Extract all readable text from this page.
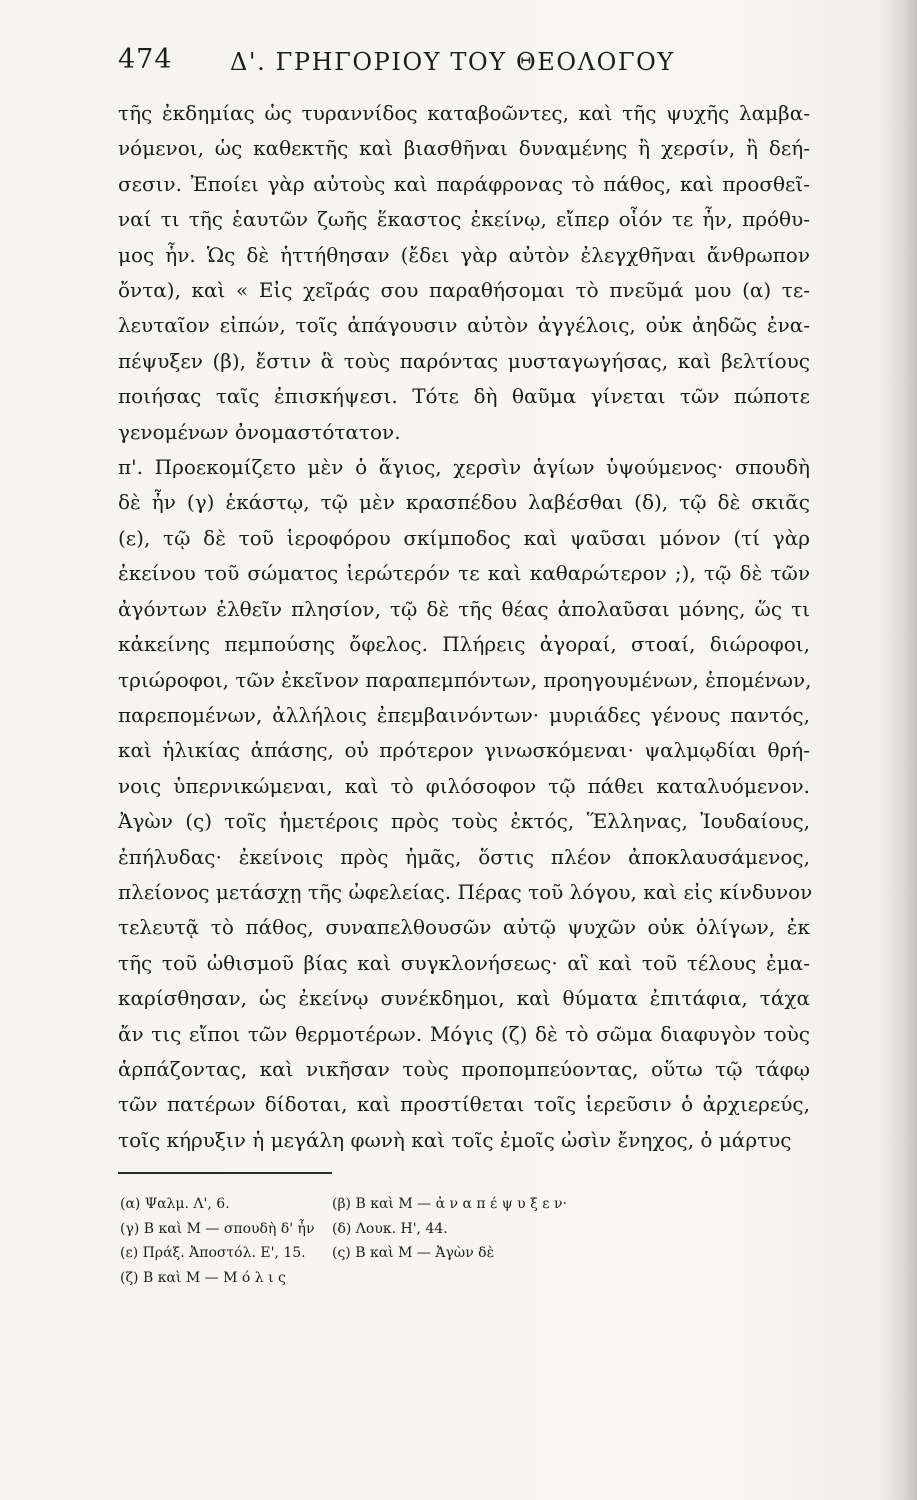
474 Δ'. ΓΡΗΓΟΡΙΟΥ ΤΟΥ ΘΕΟΛΟΓΟΥ
τῆς ἐκδημίας ὡς τυραννίδος καταβοῶντες, καὶ τῆς ψυχῆς λαμβα-
νόμενοι, ὡς καθεκτῆς καὶ βιασθῆναι δυναμένης ἢ χερσίν, ἢ δεή-
σεσιν. Ἐποίει γὰρ αὐτοὺς καὶ παράφρονας τὸ πάθος, καὶ προσθεῖ-
ναί τι τῆς ἑαυτῶν ζωῆς ἕκαστος ἐκείνῳ, εἴπερ οἷόν τε ἦν, πρόθυ-
μος ἦν. Ὡς δὲ ἡττήθησαν (ἔδει γὰρ αὐτὸν ἐλεγχθῆναι ἄνθρωπον
ὄντα), καὶ « Εἰς χεῖράς σου παραθήσομαι τὸ πνεῦμά μου (α) τε-
λευταῖον εἰπών, τοῖς ἀπάγουσιν αὐτὸν ἀγγέλοις, οὐκ ἀηδῶς ἐνα-
πέψυξεν (β), ἔστιν ἃ τοὺς παρόντας μυσταγωγήσας, καὶ βελτίους
ποιήσας ταῖς ἐπισκήψεσι. Τότε δὴ θαῦμα γίνεται τῶν πώποτε
γενομένων ὀνομαστότατον.
π'. Προεκομίζετο μὲν ὁ ἅγιος, χερσὶν ἁγίων ὑψούμενος· σπουδὴ
δὲ ἦν (γ) ἑκάστῳ, τῷ μὲν κρασπέδου λαβέσθαι (δ), τῷ δὲ σκιᾶς
(ε), τῷ δὲ τοῦ ἱεροφόρου σκίμποδος καὶ ψαῦσαι μόνον (τί γὰρ
ἐκείνου τοῦ σώματος ἱερώτερόν τε καὶ καθαρώτερον ;), τῷ δὲ τῶν
ἀγόντων ἐλθεῖν πλησίον, τῷ δὲ τῆς θέας ἀπολαῦσαι μόνης, ὥς τι
κἀκείνης πεμπούσης ὄφελος. Πλήρεις ἀγοραί, στοαί, διώροφοι,
τριώροφοι, τῶν ἐκεῖνον παραπεμπόντων, προηγουμένων, ἑπομένων,
παρεπομένων, ἀλλήλοις ἐπεμβαινόντων· μυριάδες γένους παντός,
καὶ ἡλικίας ἁπάσης, οὐ πρότερον γινωσκόμεναι· ψαλμῳδίαι θρή-
νοις ὑπερνικώμεναι, καὶ τὸ φιλόσοφον τῷ πάθει καταλυόμενον.
Ἀγὼν (ς) τοῖς ἡμετέροις πρὸς τοὺς ἐκτός, Ἕλληνας, Ἰουδαίους,
ἐπήλυδας· ἐκείνοις πρὸς ἡμᾶς, ὅστις πλέον ἀποκλαυσάμενος,
πλείονος μετάσχῃ τῆς ὠφελείας. Πέρας τοῦ λόγου, καὶ εἰς κίνδυνον
τελευτᾷ τὸ πάθος, συναπελθουσῶν αὐτῷ ψυχῶν οὐκ ὀλίγων, ἐκ
τῆς τοῦ ὠθισμοῦ βίας καὶ συγκλονήσεως· αἳ καὶ τοῦ τέλους ἐμα-
καρίσθησαν, ὡς ἐκείνῳ συνέκδημοι, καὶ θύματα ἐπιτάφια, τάχα
ἄν τις εἴποι τῶν θερμοτέρων. Μόγις (ζ) δὲ τὸ σῶμα διαφυγὸν τοὺς
ἁρπάζοντας, καὶ νικῆσαν τοὺς προπομπεύοντας, οὕτω τῷ τάφῳ
τῶν πατέρων δίδοται, καὶ προστίθεται τοῖς ἱερεῦσιν ὁ ἀρχιερεύς,
τοῖς κήρυξιν ἡ μεγάλη φωνὴ καὶ τοῖς ἐμοῖς ὠσὶν ἔνηχος, ὁ μάρτυς
(α) Ψαλμ. Λ', 6.	(β) Β καὶ Μ — ἀ ν α π έ ψ υ ξ ε ν·
(γ) Β καὶ Μ — σπουδὴ δ' ἦν	(δ) Λουκ. Η', 44.
(ε) Πράξ. Ἀποστόλ. Ε', 15.	(ς) Β καὶ Μ — Ἀγὼν δὲ
(ζ) Β καὶ Μ — Μ ό λ ι ς
